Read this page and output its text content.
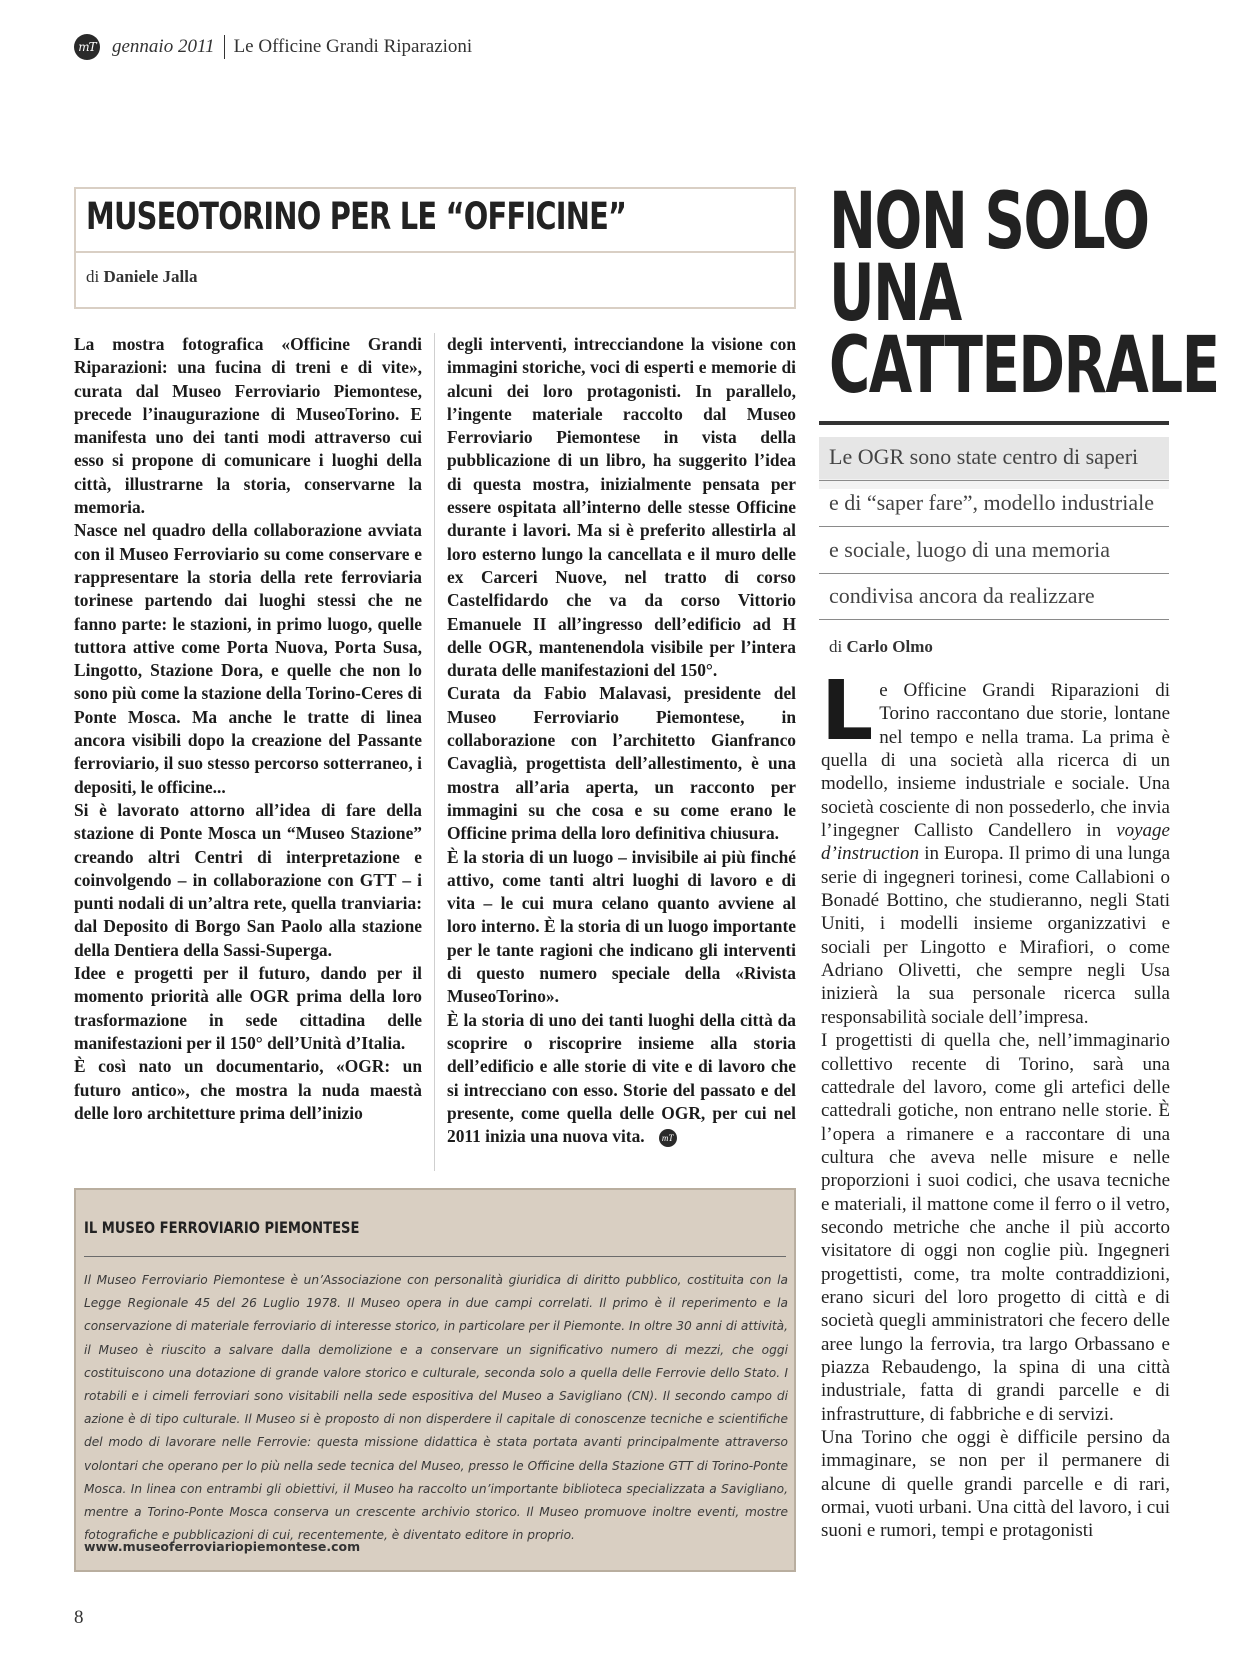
mT gennaio 2011 Le Officine Grandi Riparazioni
MUSEOTORINO PER LE “OFFICINE”
di Daniele Jalla

La mostra fotografica «Officine Grandi Riparazioni: una fucina di treni e di vite», curata dal Museo Ferroviario Piemontese, precede l’inaugurazione di MuseoTorino. E manifesta uno dei tanti modi attraverso cui esso si propone di comunicare i luoghi della città, illustrarne la storia, conservarne la memoria.

Nasce nel quadro della collaborazione avviata con il Museo Ferroviario su come conservare e rappresentare la storia della rete ferroviaria torinese partendo dai luoghi stessi che ne fanno parte: le stazioni, in primo luogo, quelle tuttora attive come Porta Nuova, Porta Susa, Lingotto, Stazione Dora, e quelle che non lo sono più come la stazione della Torino-Ceres di Ponte Mosca. Ma anche le tratte di linea ancora visibili dopo la creazione del Passante ferroviario, il suo stesso percorso sotterraneo, i depositi, le officine...

Si è lavorato attorno all’idea di fare della stazione di Ponte Mosca un “Museo Stazione” creando altri Centri di interpretazione e coinvolgendo – in collaborazione con GTT – i punti nodali di un’altra rete, quella tranviaria: dal Deposito di Borgo San Paolo alla stazione della Dentiera della Sassi-Superga.

Idee e progetti per il futuro, dando per il momento priorità alle OGR prima della loro trasformazione in sede cittadina delle manifestazioni per il 150° dell’Unità d’Italia.

È così nato un documentario, «OGR: un futuro antico», che mostra la nuda maestà delle loro architetture prima dell’inizio

degli interventi, intrecciandone la visione con immagini storiche, voci di esperti e memorie di alcuni dei loro protagonisti. In parallelo, l’ingente materiale raccolto dal Museo Ferroviario Piemontese in vista della pubblicazione di un libro, ha suggerito l’idea di questa mostra, inizialmente pensata per essere ospitata all’interno delle stesse Officine durante i lavori. Ma si è preferito allestirla al loro esterno lungo la cancellata e il muro delle ex Carceri Nuove, nel tratto di corso Castelfidardo che va da corso Vittorio Emanuele II all’ingresso dell’edificio ad H delle OGR, mantenendola visibile per l’intera durata delle manifestazioni del 150°.

Curata da Fabio Malavasi, presidente del Museo Ferroviario Piemontese, in collaborazione con l’architetto Gianfranco Cavaglià, progettista dell’allestimento, è una mostra all’aria aperta, un racconto per immagini su che cosa e su come erano le Officine prima della loro definitiva chiusura.

È la storia di un luogo – invisibile ai più finché attivo, come tanti altri luoghi di lavoro e di vita – le cui mura celano quanto avviene al loro interno. È la storia di un luogo importante per le tante ragioni che indicano gli interventi di questo numero speciale della «Rivista MuseoTorino».

È la storia di uno dei tanti luoghi della città da scoprire o riscoprire insieme alla storia dell’edificio e alle storie di vite e di lavoro che si intrecciano con esso. Storie del passato e del presente, come quella delle OGR, per cui nel 2011 inizia una nuova vita. mT

IL MUSEO FERROVIARIO PIEMONTESE

Il Museo Ferroviario Piemontese è un’Associazione con personalità giuridica di diritto pubblico, costituita con la Legge Regionale 45 del 26 Luglio 1978. Il Museo opera in due campi correlati. Il primo è il reperimento e la conservazione di materiale ferroviario di interesse storico, in particolare per il Piemonte. In oltre 30 anni di attività, il Museo è riuscito a salvare dalla demolizione e a conservare un significativo numero di mezzi, che oggi costituiscono una dotazione di grande valore storico e culturale, seconda solo a quella delle Ferrovie dello Stato. I rotabili e i cimeli ferroviari sono visitabili nella sede espositiva del Museo a Savigliano (CN). Il secondo campo di azione è di tipo culturale. Il Museo si è proposto di non disperdere il capitale di conoscenze tecniche e scientifiche del modo di lavorare nelle Ferrovie: questa missione didattica è stata portata avanti principalmente attraverso volontari che operano per lo più nella sede tecnica del Museo, presso le Officine della Stazione GTT di Torino-Ponte Mosca. In linea con entrambi gli obiettivi, il Museo ha raccolto un’importante biblioteca specializzata a Savigliano, mentre a Torino-Ponte Mosca conserva un crescente archivio storico. Il Museo promuove inoltre eventi, mostre fotografiche e pubblicazioni di cui, recentemente, è diventato editore in proprio.

www.museoferroviariopiemontese.com
NON SOLO
UNA
CATTEDRALE
Le OGR sono state centro di saperi
e di “saper fare”, modello industriale
e sociale, luogo di una memoria
condivisa ancora da realizzare
di Carlo Olmo

Le Officine Grandi Riparazioni di Torino raccontano due storie, lontane nel tempo e nella trama. La prima è quella di una società alla ricerca di un modello, insieme industriale e sociale. Una società cosciente di non possederlo, che invia l’ingegner Callisto Candellero in voyage d’instruction in Europa. Il primo di una lunga serie di ingegneri torinesi, come Callabioni o Bonadé Bottino, che studieranno, negli Stati Uniti, i modelli insieme organizzativi e sociali per Lingotto e Mirafiori, o come Adriano Olivetti, che sempre negli Usa inizierà la sua personale ricerca sulla responsabilità sociale dell’impresa.

I progettisti di quella che, nell’immaginario collettivo recente di Torino, sarà una cattedrale del lavoro, come gli artefici delle cattedrali gotiche, non entrano nelle storie. È l’opera a rimanere e a raccontare di una cultura che aveva nelle misure e nelle proporzioni i suoi codici, che usava tecniche e materiali, il mattone come il ferro o il vetro, secondo metriche che anche il più accorto visitatore di oggi non coglie più. Ingegneri progettisti, come, tra molte contraddizioni, erano sicuri del loro progetto di città e di società quegli amministratori che fecero delle aree lungo la ferrovia, tra largo Orbassano e piazza Rebaudengo, la spina di una città industriale, fatta di grandi parcelle e di infrastrutture, di fabbriche e di servizi.

Una Torino che oggi è difficile persino da immaginare, se non per il permanere di alcune di quelle grandi parcelle e di rari, ormai, vuoti urbani. Una città del lavoro, i cui suoni e rumori, tempi e protagonisti

8
